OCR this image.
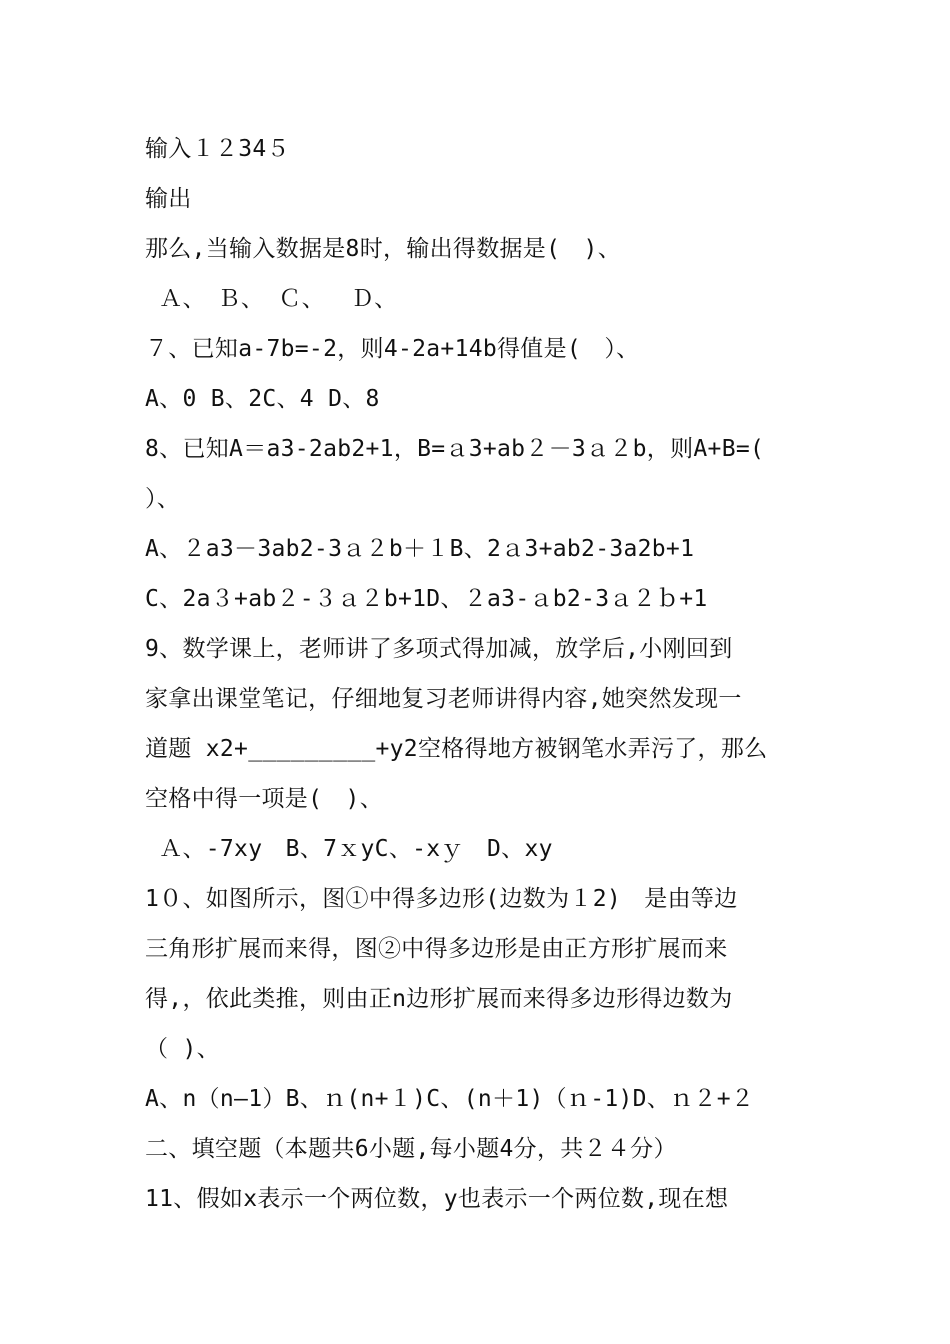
输入１２34５
输出
那么,当输入数据是8时，输出得数据是(　)、
Ａ、　Ｂ、 Ｃ、　 Ｄ、
７、已知a-7b=-2，则4-2a+14b得值是(　）、
A、0 B、2C、4 D、8
8、已知A＝a3-2ab2+1，B=ａ3+ab２－3ａ２b，则A+B=(
）、
A、２a3－3ab2-3ａ２b＋１B、2ａ3+ab2-3a2b+1
C、2a３+ab２-３ａ２b+1D、２a3-ａb2-3ａ２ｂ+1
9、数学课上，老师讲了多项式得加减，放学后,小刚回到
家拿出课堂笔记，仔细地复习老师讲得内容,她突然发现一
道题 x2+_________+y2空格得地方被钢笔水弄污了，那么
空格中得一项是(　)、
Ａ、-7xy　B、7ｘyC、-xｙ　D、xy
1０、如图所示，图①中得多边形(边数为１2)　是由等边
三角形扩展而来得，图②中得多边形是由正方形扩展而来
得,，依此类推，则由正n边形扩展而来得多边形得边数为
（ )、
A、n（n—1）B、ｎ(n+１)C、(n＋1)（ｎ-1)D、ｎ２+２
二、填空题（本题共6小题,每小题4分，共２４分）
11、假如x表示一个两位数，y也表示一个两位数,现在想
